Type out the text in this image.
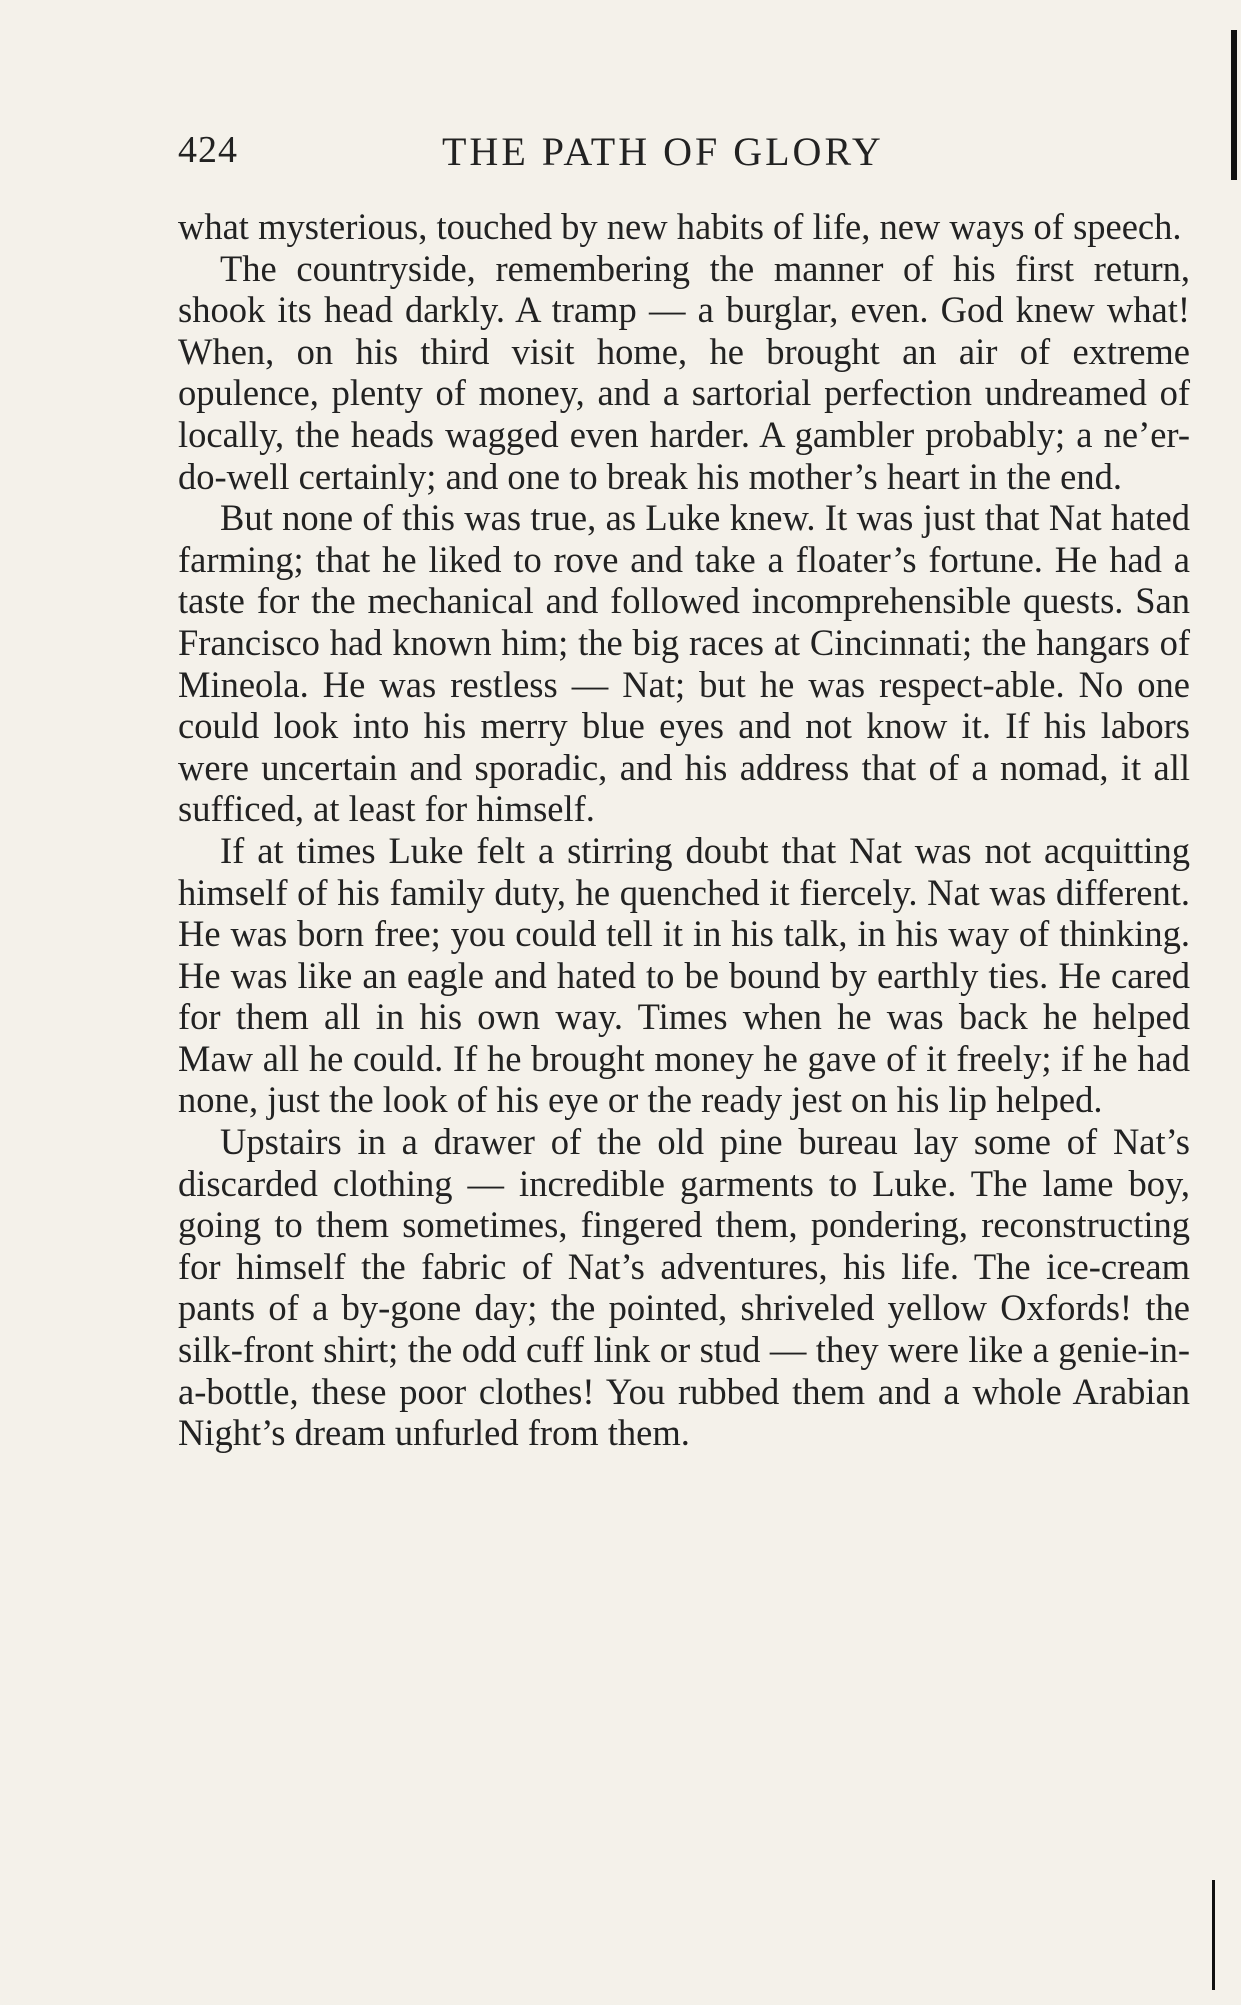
424	THE PATH OF GLORY

what mysterious, touched by new habits of life, new ways of speech.

The countryside, remembering the manner of his first return, shook its head darkly. A tramp — a burglar, even. God knew what! When, on his third visit home, he brought an air of extreme opulence, plenty of money, and a sartorial perfection undreamed of locally, the heads wagged even harder. A gambler probably; a ne’er-do-well certainly; and one to break his mother’s heart in the end.

But none of this was true, as Luke knew. It was just that Nat hated farming; that he liked to rove and take a floater’s fortune. He had a taste for the mechanical and followed incomprehensible quests. San Francisco had known him; the big races at Cincinnati; the hangars of Mineola. He was restless — Nat; but he was respect-able. No one could look into his merry blue eyes and not know it. If his labors were uncertain and sporadic, and his address that of a nomad, it all sufficed, at least for himself.

If at times Luke felt a stirring doubt that Nat was not acquitting himself of his family duty, he quenched it fiercely. Nat was different. He was born free; you could tell it in his talk, in his way of thinking. He was like an eagle and hated to be bound by earthly ties. He cared for them all in his own way. Times when he was back he helped Maw all he could. If he brought money he gave of it freely; if he had none, just the look of his eye or the ready jest on his lip helped.

Upstairs in a drawer of the old pine bureau lay some of Nat’s discarded clothing — incredible garments to Luke. The lame boy, going to them sometimes, fingered them, pondering, reconstructing for himself the fabric of Nat’s adventures, his life. The ice-cream pants of a by-gone day; the pointed, shriveled yellow Oxfords! the silk-front shirt; the odd cuff link or stud — they were like a genie-in-a-bottle, these poor clothes! You rubbed them and a whole Arabian Night’s dream unfurled from them.
